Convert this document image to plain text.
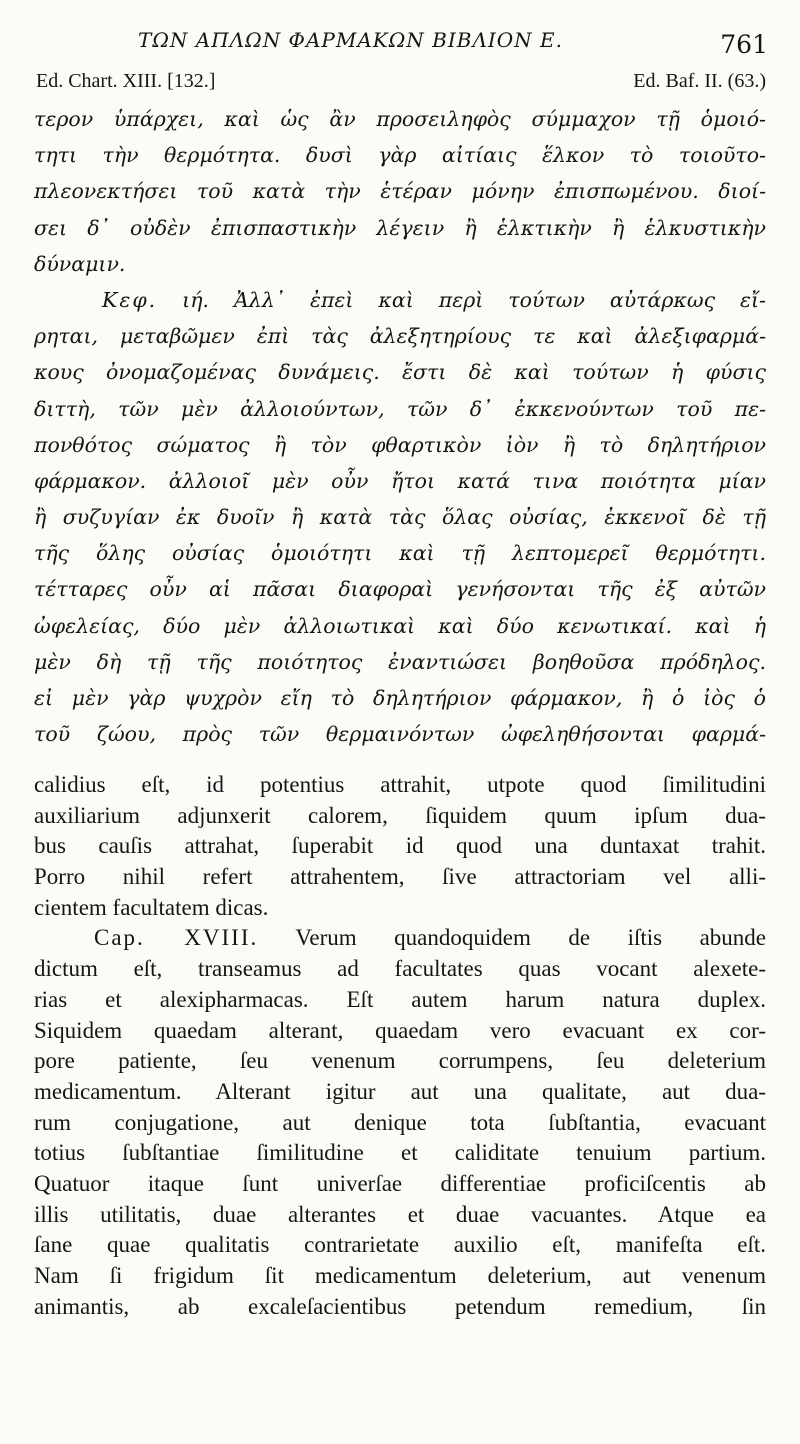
ΤΩΝ ΑΠΛΩΝ ΦΑΡΜΑΚΩΝ ΒΙΒΛΙΟΝ Ε.	761
Ed. Chart. XIII. [132.]	Ed. Baf. II. (63.)
τερον ὑπάρχει, καὶ ὡς ἂν προσειληφὸς σύμμαχον τῇ ὁμοιό-
τητι τὴν θερμότητα. δυσὶ γὰρ αἰτίαις ἕλκον τὸ τοιοῦτο-
πλεονεκτήσει τοῦ κατὰ τὴν ἑτέραν μόνην ἐπισπωμένου. διοί-
σει δ᾽ οὐδὲν ἐπισπαστικὴν λέγειν ἢ ἑλκτικὴν ἢ ἑλκυστικὴν
δύναμιν.
Κεφ. ιή. Ἀλλ᾽ ἐπεὶ καὶ περὶ τούτων αὐτάρκως εἴ-
ρηται, μεταβῶμεν ἐπὶ τὰς ἀλεξητηρίους τε καὶ ἀλεξιφαρμά-
κους ὀνομαζομένας δυνάμεις. ἔστι δὲ καὶ τούτων ἡ φύσις
διττὴ, τῶν μὲν ἀλλοιούντων, τῶν δ᾽ ἐκκενούντων τοῦ πε-
πονθότος σώματος ἢ τὸν φθαρτικὸν ἰὸν ἢ τὸ δηλητήριον
φάρμακον. ἀλλοιοῖ μὲν οὖν ἤτοι κατά τινα ποιότητα μίαν
ἢ συζυγίαν ἐκ δυοῖν ἢ κατὰ τὰς ὅλας οὐσίας, ἐκκενοῖ δὲ τῇ
τῆς ὅλης οὐσίας ὁμοιότητι καὶ τῇ λεπτομερεῖ θερμότητι.
τέτταρες οὖν αἱ πᾶσαι διαφοραὶ γενήσονται τῆς ἐξ αὐτῶν
ὠφελείας, δύο μὲν ἀλλοιωτικαὶ καὶ δύο κενωτικαί. καὶ ἡ
μὲν δὴ τῇ τῆς ποιότητος ἐναντιώσει βοηθοῦσα πρόδηλος.
εἰ μὲν γὰρ ψυχρὸν εἴη τὸ δηλητήριον φάρμακον, ἢ ὁ ἰὸς ὁ
τοῦ ζώου, πρὸς τῶν θερμαινόντων ὠφεληθήσονται φαρμά-
calidius eſt, id potentius attrahit, utpote quod ſimilitudini
auxiliarium adjunxerit calorem, ſiquidem quum ipſum dua-
bus cauſis attrahat, ſuperabit id quod una duntaxat trahit.
Porro nihil refert attrahentem, ſive attractoriam vel alli-
cientem facultatem dicas.
Cap. XVIII. Verum quandoquidem de iſtis abunde
dictum eſt, transeamus ad facultates quas vocant alexete-
rias et alexipharmacas. Eſt autem harum natura duplex.
Siquidem quaedam alterant, quaedam vero evacuant ex cor-
pore patiente, ſeu venenum corrumpens, ſeu deleterium
medicamentum. Alterant igitur aut una qualitate, aut dua-
rum conjugatione, aut denique tota ſubſtantia, evacuant
totius ſubſtantiae ſimilitudine et caliditate tenuium partium.
Quatuor itaque ſunt univerſae differentiae proficiſcentis ab
illis utilitatis, duae alterantes et duae vacuantes. Atque ea
ſane quae qualitatis contrarietate auxilio eſt, manifeſta eſt.
Nam ſi frigidum ſit medicamentum deleterium, aut venenum
animantis, ab excaleſacientibus petendum remedium, ſin
